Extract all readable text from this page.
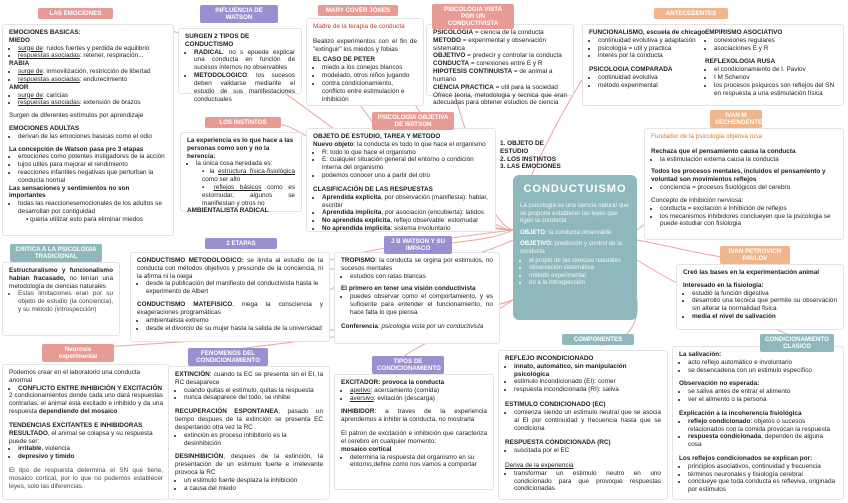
LAS EMOCIONES

EMOCIONES BASICAS:

MIEDO

• surge de: ruidos fuertes y perdida de equilibrio
• respuestas asociadas: retener, respiración...

RABIA

• surge de: inmovilización, restricción de libertad
• respuestas asociadas: endurecimiento

AMOR

• surge de: caricias
• respuestas asociadas: extensión de brazos

Surgen de diferentes estímulos por aprendizaje

EMOCIONES ADULTAS

• derivan de las emociones basicas como el odio

La concepción de Watson pasa pro 3 etapas

• emociones como potentes instigadores de la acción
• lujos utiles para mejorar el rendimiento
• reacciones infantiles negativas que perturban la conducta normal

Las sensaciones y sentimientos no son importantes

• todas las reaccionesemocionales de los adultos se desarrollan por contiguidad
▪ queria utilizar esto para eliminar miedos
INFLUENCIA DE WATSON

SURGEN 2 TIPOS DE CONDUCTISMO

• RADICAL: no s epuede explicar una conducta en función de sucesos internos no observables
• METODOLOGICO: los sucesos deben validarse mediante el estudio de sus manifestaciones conductuales
MARY COVER JONES

Madre de la terapia de conducta

Bealizó experimentos con el fin de "extinguir" los miedos y fobias

EL CASO DE PETER

• miedo a los conejos blancos
• modelado, otros niños jugando
• contra condicionamiento, conflicto entre estimulación e inhibición
PSICOLOGIA VISTA POR UN CONDUCTIVISTA

PSICOLOGIA = ciencia de la conducta

METODO = experimental y observación sistematica

OBJETIVO = predecir y controlar la conducta

CONDUCTA = conexiones entre E y R

HIPOTESIS CONTINUISTA = de animal a humano

CIENCIA PRACTICA = util para la sociedad

Ofrece teoria, metodologia y tecnica que eran adecuadas para obtener estudios de ciencia

ANTECEDENTES

FUNCIONALISMO, escuela de chicago

• continuidad evolutiva y adaptación
• psicología = util y practica
• interés por la conducta

PSICOLOGIA COMPARADA

• continuidad evolutiva
• método experimental

EMPIRISMO ASOCIATIVO

• conexiones regulares
• asociaciones E y R

REFLEXOLOGIA RUSA

• el condicionamiento de I. Pavlov
• I M Schenov
• los procesos psíquicos son reflejos del SN en respuesta a una estimulación física
LOS INSTINTOS

La experiencia es lo que hace a las personas como son y no la herencia:

• la única cosa heredada es:
▪ la estructura física-fisiológica como ser alto
▪ reflejos básicos como es estornudar, algunos se manifiestan y otros no

AMBIENTALISTA RADICAL

PSICOLOGIA OBJETIVA DE WATSON

OBJETO DE ESTUDIO, TAREA Y METODO

Nuevo objeto: la conducta es todo lo que hace el organismo

• R: todo lo que hace el organismo
• E: cualquier situación general del entorno o condición interna del organismo
• podemos conocer uno a partir del otro

CLASIFICACIÓN DE LAS RESPUESTAS

• Aprendida explicita, por observación (manifiesta): hablar, escribir
• Aprendida implicita, por asociación (encubierta): latidos
• No aprendida explicita, reflejo observable: estornudar
• No aprendida implicita: sistema involuntario

1. OBJETO DE ESTUDIO

2. LOS INSTINTOS

3. LAS EMOCIONES

CONDUCTUISMO

La psicología es una ciencia natural que se propone establecer las leyes que rigen la conducta

OBJETO: la conducta observable

OBJETIVO: predicción y control de la conducta

• el propio de las ciencias naturales
• observación sistemática
• método experimental
• no a la introspección
IVAN M SECHENOENTES

Fundador de la psicologia objetiva rusa

Rechaza que el pensamiento causa la conducta

• la estimulación externa causa la conducta

Todos los procesos mentales, incluidos el pensamiento y voluntad son movimientos reflejos

• conciencia = procesos fisiológicos del cerebro

Concepto de inhibición nerviosa:

• conducta = excitación e inhibición de reflejos
• los mecanismos inhibidores conclueyen que la psicologia se puede estudiar con fisiologia
CRITICA A LA PSICOLOGIA TRADICIONAL

Estructuralismo y funcionalismo habían fracasado, no tenían una metodología de ciencias naturales

• Estas limitaciones eran por su objeto de estudio (la conciencia), y su método (introspección)
2 ETAPAS

CONDUCTISMO METODOLOGICO: se limita al estudio de la conducta con métodos objetivos y prescinde de la conciencia, ni la afirma ni la niega

• desde la publicación del manifiesto del conductivista hasta le experimento de Albert

CONDUCTISMO MATEFISICO, niega la consciencia y exageraciones programáticas

• ambientalista extremo
• desde el divorcio de su mujer hasta la salida de la universidad
J B WATSON Y SU IMPACO

TROPISMO: la conducta se orgina por estimulos, no sucesos mentales

• estudios con ratas blancas

El primero en tener una visión conductivista

• puedes observar como el comportamiento, y es suficiente para entender el funcionamiento, no hace falta lo que piensa

Conferencia: psicologia vista por un conductivista

IVAN PETROVICH PAVLOV

Creó las bases en la experimentación animal

Interesado en la fisiología:

• estudió la función digestiva
• desarrolló una tecnica que permite su observación sin alterar la normalidad fisica
• media el nivel de salivación
Neurosis experimental

Podemos crear en el laboratorio una conducta anormal

• CONFLICTO ENTRE INHIBICIÓN Y EXCITACIÓN

2 condicionamientos donde cada uno dará respuestas contrarias, el animal esta excitado e inhibido y da una respuesta dependiendo del mosaico

TENDENCIAS EXCITANTES E INHIBIDORAS

RESULTADO, el animal se colapsa y su respuesta puede ser:

• irritable, violencia
• depresivo y timido

El tipo de respuesta determina el SN que tiene, mosaico cortical, por lo que no podemos establecer leyes, solo las diferencias.

FENOMENOS DEL CONDICIONAMIENTO

EXTINCIÓN: cuando la EC se presenta sin el EI, la RC desaparece

• cuando quitas el estímulo, quitas la respuesta
• nunca desaparece del todo, se inhibe

RECUPERACIÓN ESPONTANEA, pasado un tiempo despues de la extinción se presenta EC despertando otra vez la RC

• extinción es proceso inhibitorio es la desinhibición

DESINHIBICIÓN, despues de la extinción, la presentación de un estimulo fuerte e irrelevante provoca la RC

• un estimulo fuerte desplaza la inhibición
• a causa del miedo
TIPOS DE CONDICIONAMIENTO

EXCITADOR: provoca la conducta

• apetivo: acercamiento (comida)
• aversivo: evitación (descarga)

INHIBIDOR: a traves de la experiencia aprendemos a inhibir la conducta, no mostrarla

El patron de excitación e inhibición que caracteriza el cerebro en cualquier momento:

mosaico cortical

• determina la respuesta del organismo en su entorno,define como nos vamos a comportar
COMPONENTES

REFLEJO INCONDICIONADO

• innato, automático, sin manipulación psicológica
• estimulo incondicionado (EI): comer
• respuesta incondicionada (RI): saliva

ESTIMULO CONDICIONADO (EC)

• comienza siendo un estimulo neutral que se asocia al EI por continuidad y frecuencia hasta que se condiciona

RESPUESTA CONDICIONADA (RC)

• suscitada por el EC

Deriva de la experiencia

• transformar un estimulo neutro en uno condicionado para que provoque respuestas condicionadas
CONDICIONAMIENTO CLASICO

La salivación:

• acto reflejo automático e involuntario
• se desencadena con un estimulo específico

Observación no esperada:

• se saliva antes de entrar el alimento
• ver el alimento o la persona

Explicación a la incoherencia fisiológica

• reflejo condicionado: objetos o sucesos relacionados con la comida provocan la respuesta
• respuesta condicionada, dependen de alguna cosa

Los reflejos condicionados se explican por:

• principios asociativos, continuidad y frecuencia
• términos neuronales y fisiología cerebral
• conclueye que toda conducta es refleviva, originada por estimulos
